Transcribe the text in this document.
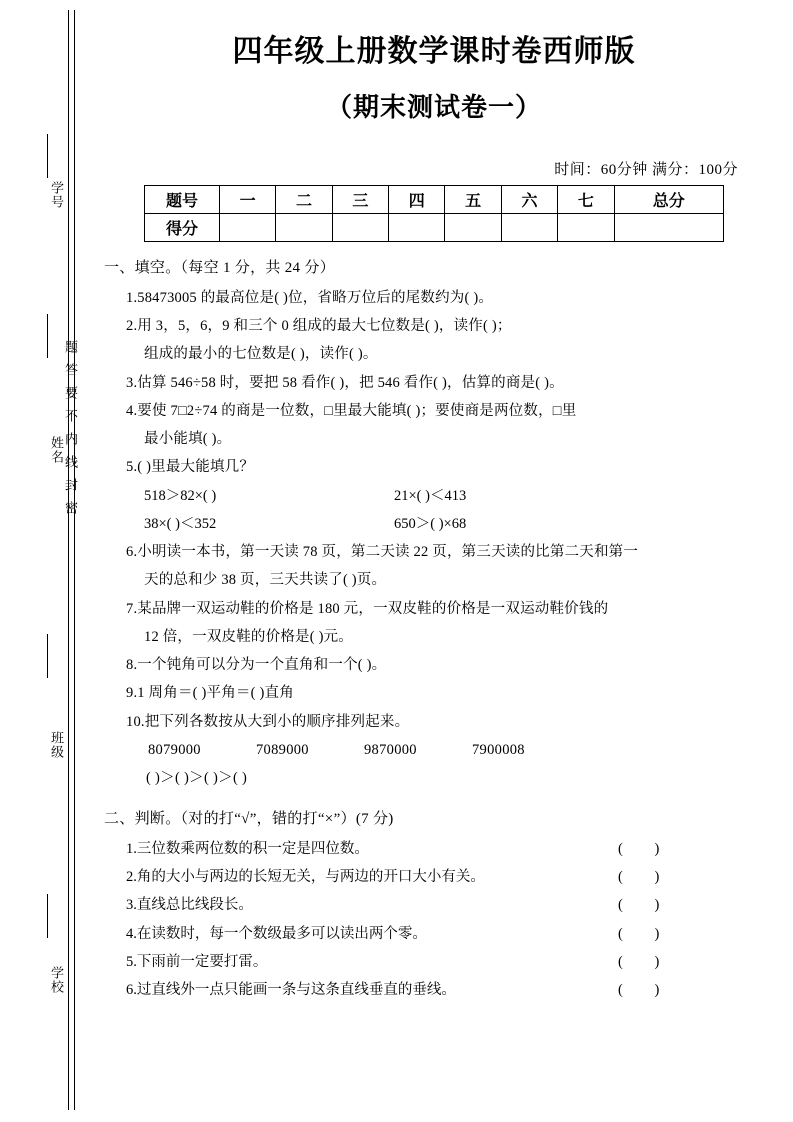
学号
姓名
班级
学校
题答要不内线封密
四年级上册数学课时卷西师版
（期末测试卷一）
时间：60分钟 满分：100分
题号	一	二	三	四	五	六	七	总分
得分								
一、填空。（每空 1 分，共 24 分）
1.58473005 的最高位是( )位，省略万位后的尾数约为( )。
2.用 3，5，6，9 和三个 0 组成的最大七位数是( )，读作( )；
组成的最小的七位数是( )，读作( )。
3.估算 546÷58 时，要把 58 看作( )，把 546 看作( )，估算的商是( )。
4.要使 7□2÷74 的商是一位数，□里最大能填( )；要使商是两位数，□里
最小能填( )。
5.( )里最大能填几？
518＞82×( )	21×( )＜413
38×( )＜352	650＞( )×68
6.小明读一本书，第一天读 78 页，第二天读 22 页，第三天读的比第二天和第一
天的总和少 38 页，三天共读了( )页。
7.某品牌一双运动鞋的价格是 180 元，一双皮鞋的价格是一双运动鞋价钱的
12 倍，一双皮鞋的价格是( )元。
8.一个钝角可以分为一个直角和一个( )。
9.1 周角＝( )平角＝( )直角
10.把下列各数按从大到小的顺序排列起来。
8079000	7089000	9870000	7900008
( )＞( )＞( )＞( )
二、判断。（对的打“√”，错的打“×”）(7 分)
1.三位数乘两位数的积一定是四位数。	( )
2.角的大小与两边的长短无关，与两边的开口大小有关。	( )
3.直线总比线段长。	( )
4.在读数时，每一个数级最多可以读出两个零。	( )
5.下雨前一定要打雷。	( )
6.过直线外一点只能画一条与这条直线垂直的垂线。	( )
